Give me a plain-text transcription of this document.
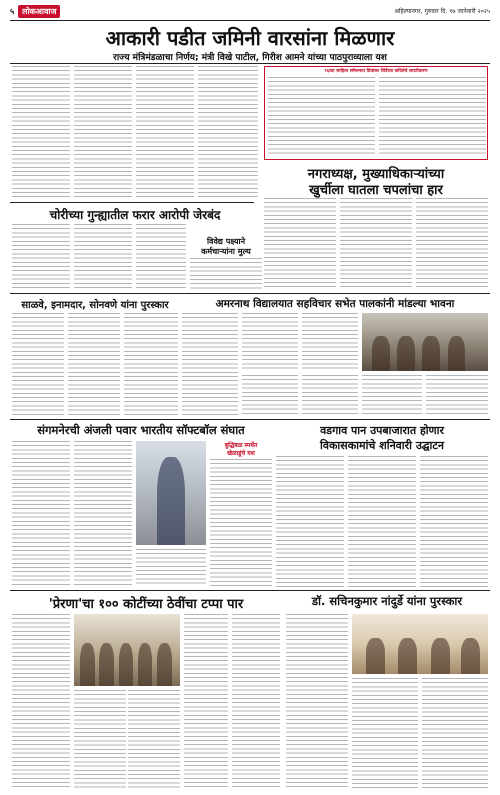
५	लोकआवाज	अहिल्यानगर, गुरुवार दि. १७ जानेवारी २०२५
आकारी पडीत जमिनी वारसांना मिळणार
राज्य मंत्रिमंडळाचा निर्णय; मंत्री विखे पाटील, गिरीश आमने यांच्या पाठपुराव्याला यश
९६व्या साहित्य संमेलनात प्रियांका शिंदेंच्या कवितेचे सादरीकरण
नगराध्यक्ष, मुख्याधिकाऱ्यांच्या
खुर्चीला घातला चपलांचा हार
विवेद्य पक्ष्याने
कर्मचाऱ्यांना मुल्य
चोरीच्या गुन्ह्यातील फरार आरोपी जेरबंद
साळवे, इनामदार, सोनवणे यांना पुरस्कार	अमरनाथ विद्यालयात सहविचार सभेत पालकांनी मांडल्या भावना
संगमनेरची अंजली पवार भारतीय सॉफ्टबॉल संघात
बुद्धिबळ स्पर्धेत
खेळाडूंचे यश
वडगाव पान उपबाजारात होणार
विकासकामांचे शनिवारी उद्घाटन
'प्रेरणा'चा १०० कोटींच्या ठेवींचा टप्पा पार	डॉ. सचिनकुमार नांदुर्डे यांना पुरस्कार
